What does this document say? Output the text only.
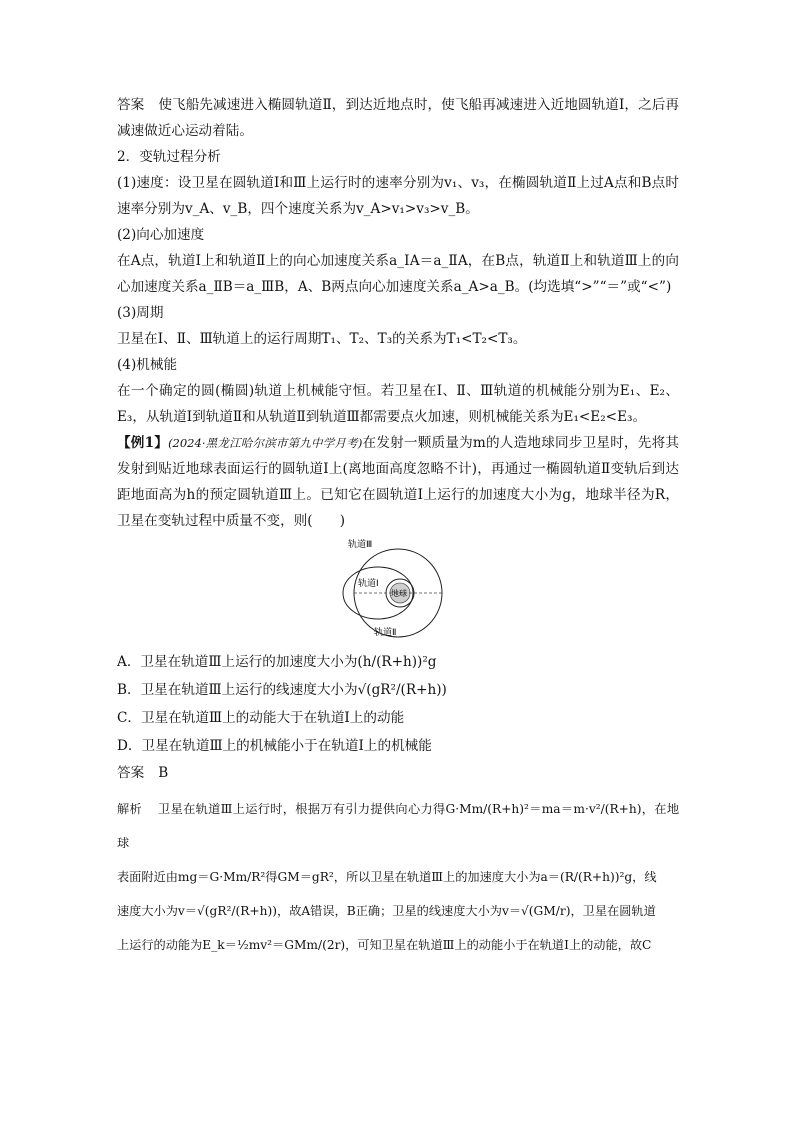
答案 使飞船先减速进入椭圆轨道Ⅱ，到达近地点时，使飞船再减速进入近地圆轨道Ⅰ，之后再减速做近心运动着陆。

2．变轨过程分析

(1)速度：设卫星在圆轨道Ⅰ和Ⅲ上运行时的速率分别为v₁、v₃，在椭圆轨道Ⅱ上过A点和B点时速率分别为v_A、v_B，四个速度关系为v_A>v₁>v₃>v_B。

(2)向心加速度

在A点，轨道Ⅰ上和轨道Ⅱ上的向心加速度关系a_ⅠA＝a_ⅡA，在B点，轨道Ⅱ上和轨道Ⅲ上的向心加速度关系a_ⅡB＝a_ⅢB，A、B两点向心加速度关系a_A>a_B。(均选填“>”“＝”或“<”)

(3)周期

卫星在Ⅰ、Ⅱ、Ⅲ轨道上的运行周期T₁、T₂、T₃的关系为T₁<T₂<T₃。

(4)机械能

在一个确定的圆(椭圆)轨道上机械能守恒。若卫星在Ⅰ、Ⅱ、Ⅲ轨道的机械能分别为E₁、E₂、E₃，从轨道Ⅰ到轨道Ⅱ和从轨道Ⅱ到轨道Ⅲ都需要点火加速，则机械能关系为E₁<E₂<E₃。

【例1】(2024·黑龙江哈尔滨市第九中学月考)在发射一颗质量为m的人造地球同步卫星时，先将其发射到贴近地球表面运行的圆轨道Ⅰ上(离地面高度忽略不计)，再通过一椭圆轨道Ⅱ变轨后到达距地面高为h的预定圆轨道Ⅲ上。已知它在圆轨道Ⅰ上运行的加速度大小为g，地球半径为R，卫星在变轨过程中质量不变，则(　　)

轨道Ⅲ
轨道Ⅰ
地球
轨道Ⅱ

A．卫星在轨道Ⅲ上运行的加速度大小为(h/(R+h))²g

B．卫星在轨道Ⅲ上运行的线速度大小为√(gR²/(R+h))

C．卫星在轨道Ⅲ上的动能大于在轨道Ⅰ上的动能

D．卫星在轨道Ⅲ上的机械能小于在轨道Ⅰ上的机械能

答案 B

解析 卫星在轨道Ⅲ上运行时，根据万有引力提供向心力得G·Mm/(R+h)²＝ma＝m·v²/(R+h)，在地球
表面附近由mg＝G·Mm/R²得GM＝gR²，所以卫星在轨道Ⅲ上的加速度大小为a＝(R/(R+h))²g，线
速度大小为v＝√(gR²/(R+h))，故A错误，B正确；卫星的线速度大小为v＝√(GM/r)，卫星在圆轨道
上运行的动能为E_k＝½mv²＝GMm/(2r)，可知卫星在轨道Ⅲ上的动能小于在轨道Ⅰ上的动能，故C
